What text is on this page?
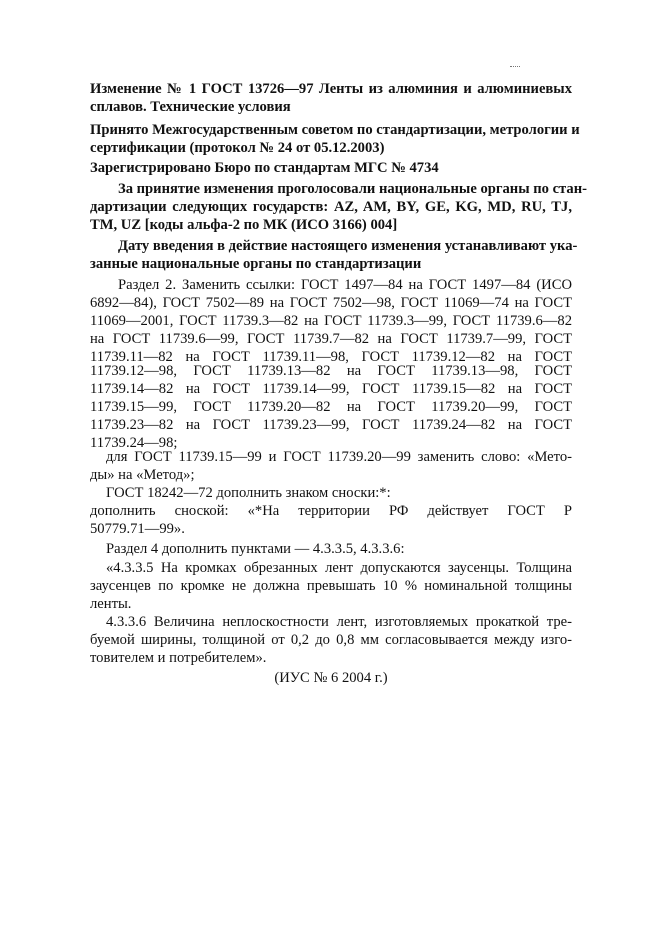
Изменение № 1 ГОСТ 13726—97 Ленты из алюминия и алюминиевых
сплавов. Технические условия
Принято Межгосударственным советом по стандартизации, метрологии и
сертификации (протокол № 24 от 05.12.2003)
Зарегистрировано Бюро по стандартам МГС № 4734
За принятие изменения проголосовали национальные органы по стан-
дартизации следующих государств: AZ, AM, BY, GE, KG, MD, RU, TJ,
TM, UZ [коды альфа-2 по МК (ИСО 3166) 004]
Дату введения в действие настоящего изменения устанавливают ука-
занные национальные органы по стандартизации
Раздел 2. Заменить ссылки: ГОСТ 1497—84 на ГОСТ 1497—84 (ИСО
6892—84), ГОСТ 7502—89 на ГОСТ 7502—98, ГОСТ 11069—74 на ГОСТ
11069—2001, ГОСТ 11739.3—82 на ГОСТ 11739.3—99, ГОСТ 11739.6—82
на ГОСТ 11739.6—99, ГОСТ 11739.7—82 на ГОСТ 11739.7—99, ГОСТ
11739.11—82 на ГОСТ 11739.11—98, ГОСТ 11739.12—82 на ГОСТ
11739.12—98, ГОСТ 11739.13—82 на ГОСТ 11739.13—98, ГОСТ
11739.14—82 на ГОСТ 11739.14—99, ГОСТ 11739.15—82 на ГОСТ
11739.15—99, ГОСТ 11739.20—82 на ГОСТ 11739.20—99, ГОСТ
11739.23—82 на ГОСТ 11739.23—99, ГОСТ 11739.24—82 на ГОСТ
11739.24—98;
для ГОСТ 11739.15—99 и ГОСТ 11739.20—99 заменить слово: «Мето-
ды» на «Метод»;
ГОСТ 18242—72 дополнить знаком сноски:*:
дополнить сноской: «*На территории РФ действует ГОСТ Р
50779.71—99».
Раздел 4 дополнить пунктами — 4.3.3.5, 4.3.3.6:
«4.3.3.5 На кромках обрезанных лент допускаются заусенцы. Толщина
заусенцев по кромке не должна превышать 10 % номинальной толщины
ленты.
4.3.3.6 Величина неплоскостности лент, изготовляемых прокаткой тре-
буемой ширины, толщиной от 0,2 до 0,8 мм согласовывается между изго-
товителем и потребителем».
(ИУС № 6 2004 г.)
